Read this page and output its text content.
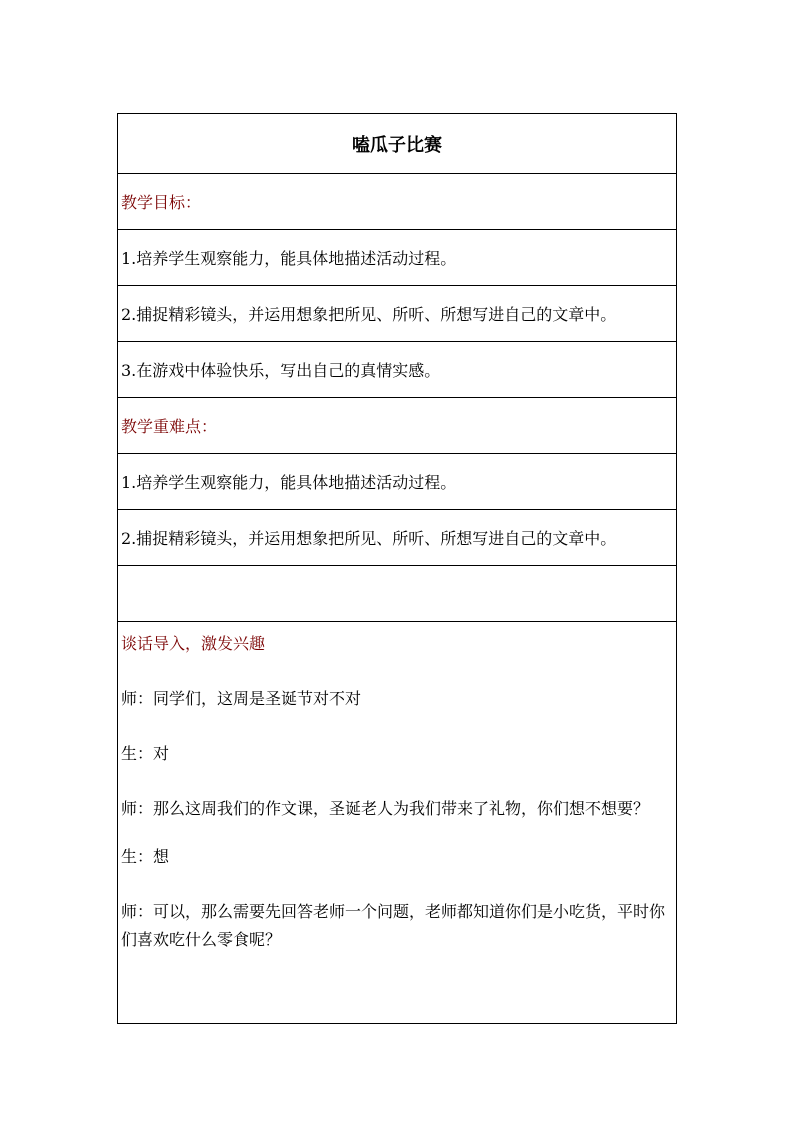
嗑瓜子比赛
教学目标：
1.培养学生观察能力，能具体地描述活动过程。
2.捕捉精彩镜头，并运用想象把所见、所听、所想写进自己的文章中。
3.在游戏中体验快乐，写出自己的真情实感。
教学重难点：
1.培养学生观察能力，能具体地描述活动过程。
2.捕捉精彩镜头，并运用想象把所见、所听、所想写进自己的文章中。

谈话导入，激发兴趣

师：同学们，这周是圣诞节对不对

生：对

师：那么这周我们的作文课，圣诞老人为我们带来了礼物，你们想不想要？

生：想

师：可以，那么需要先回答老师一个问题，老师都知道你们是小吃货，平时你们喜欢吃什么零食呢？
